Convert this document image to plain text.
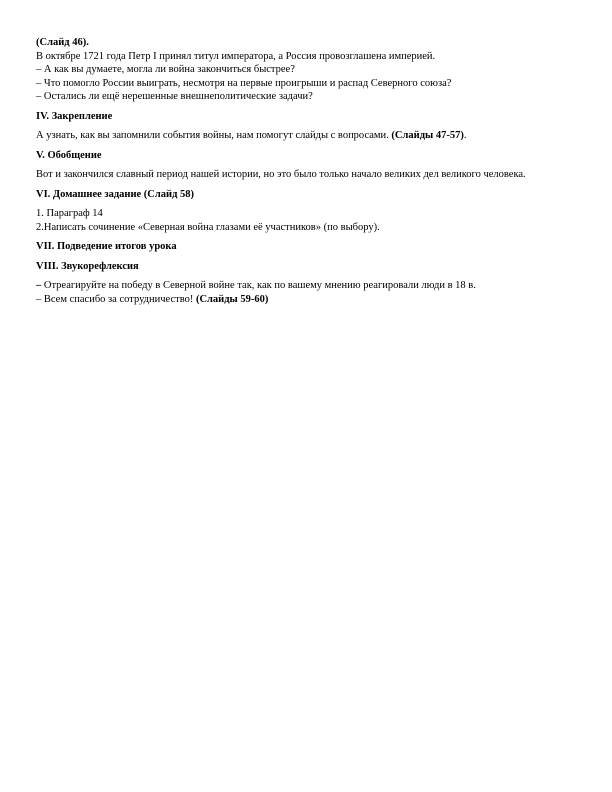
(Слайд 46).
В октябре 1721 года Петр I принял титул императора, а Россия провозглашена империей.
– А как вы думаете, могла ли война закончиться быстрее?
– Что помогло России выиграть, несмотря на первые проигрыши и распад Северного союза?
– Остались ли ещё нерешенные внешнеполитические задачи?
IV. Закрепление
А узнать, как вы запомнили события войны, нам помогут слайды с вопросами. (Слайды 47-57).
V. Обобщение
Вот и закончился славный период нашей истории, но это было только начало великих дел великого человека.
VI. Домашнее задание (Слайд 58)
1. Параграф 14
2.Написать сочинение «Северная война глазами её участников» (по выбору).
VII. Подведение итогов урока
VIII. Звукорефлексия
– Отреагируйте на победу в Северной войне так, как по вашему мнению реагировали люди в 18 в.
– Всем спасибо за сотрудничество! (Слайды 59-60)
